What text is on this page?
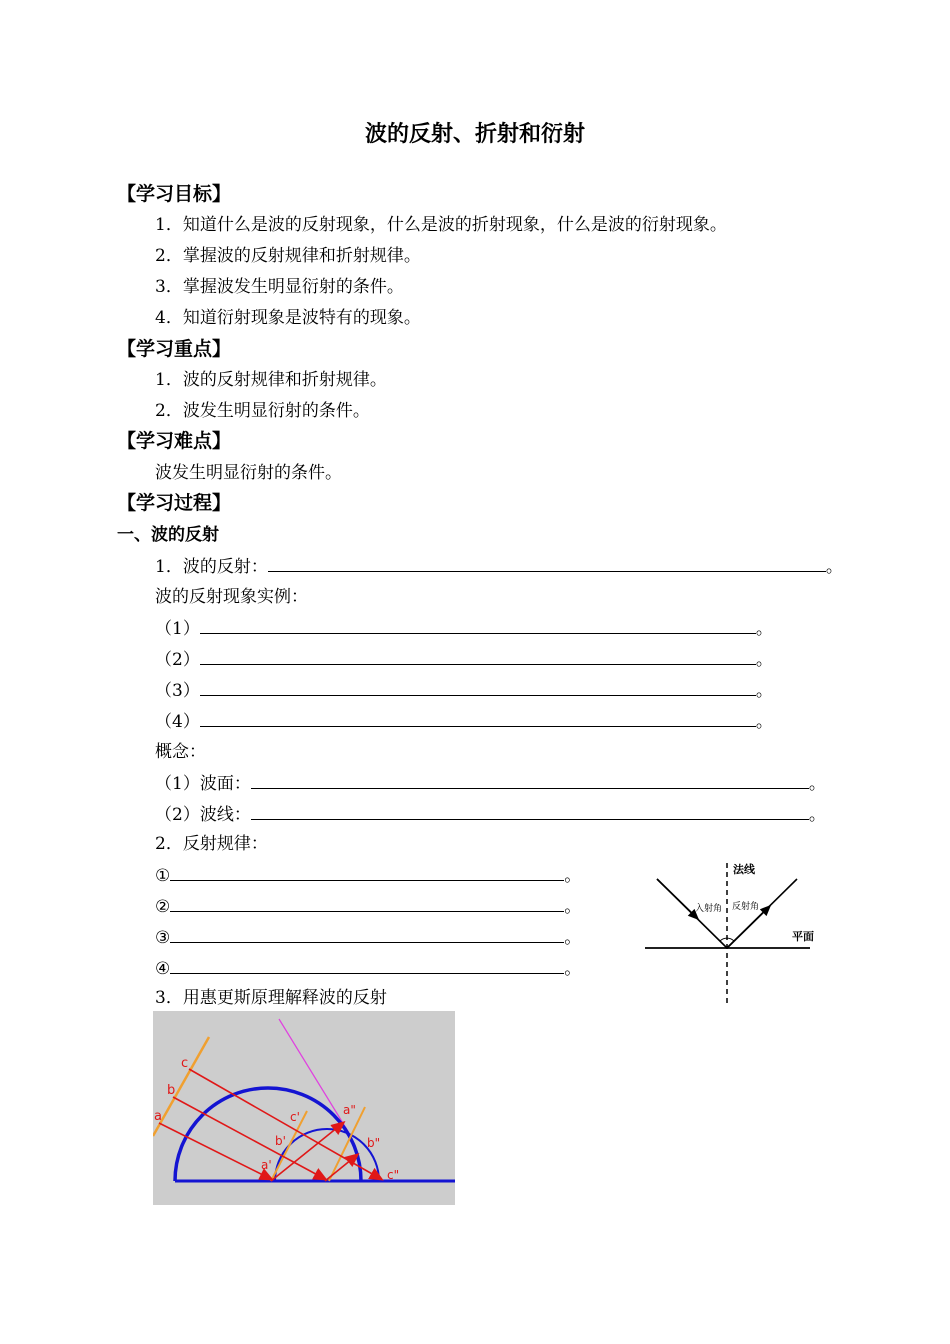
波的反射、折射和衍射
【学习目标】
1．知道什么是波的反射现象，什么是波的折射现象，什么是波的衍射现象。
2．掌握波的反射规律和折射规律。
3．掌握波发生明显衍射的条件。
4．知道衍射现象是波特有的现象。
【学习重点】
1．波的反射规律和折射规律。
2．波发生明显衍射的条件。
【学习难点】
波发生明显衍射的条件。
【学习过程】
一、波的反射
1．波的反射：	。
波的反射现象实例：
（1）	。
（2）	。
（3）	。
（4）	。
概念：
（1）波面：	。
（2）波线：	。
2．反射规律：
①	。
②	。
③	。
④	。
3．用惠更斯原理解释波的反射
法线
入射角 反射角
平面
c
b
a
a'
b'
c'	a"
b"
c"
